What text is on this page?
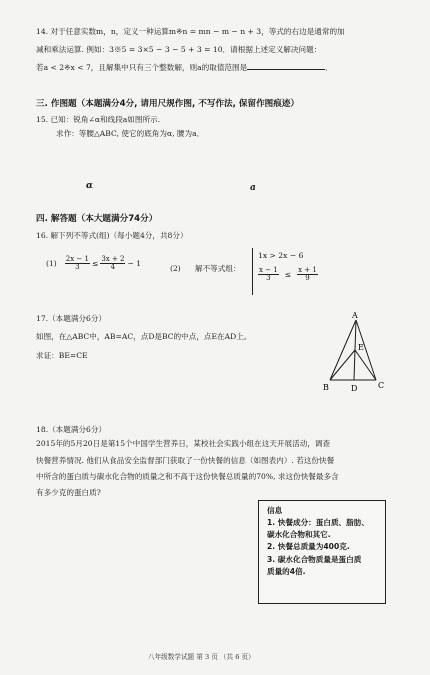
14. 对于任意实数m，n，定义一种运算m※n = mn − m − n + 3，等式的右边是通常的加
减和乘法运算. 例如：3※5 = 3×5 − 3 − 5 + 3 = 10．请根据上述定义解决问题：
若a < 2※x < 7，且解集中只有三个整数解，则a的取值范围是	．
三. 作图题（本题满分4分, 请用尺规作图, 不写作法, 保留作图痕迹）
15. 已知：锐角∠α和线段a如图所示.
求作：等腰△ABC, 使它的底角为α, 腰为a．
α	a
四. 解答题（本大题满分74分）
16. 解下列不等式(组)（每小题4分，共8分）
$(1) \frac{2x - 1}{3} \le \frac{3x + 2}{4} - 1$
(2) 解不等式组：
1x > 2x − 6
$\frac{x - 1}{3} \le \frac{x + 1}{9}$
17.（本题满分6分）
如图，在△ABC中，AB=AC，点D是BC的中点，点E在AD上。
求证：BE=CE
A
E
B	D	C
18.（本题满分6分）
2015年的5月20日是第15个中国学生营养日，某校社会实践小组在这天开展活动，调查
快餐营养情况. 他们从食品安全监督部门获取了一份快餐的信息（如图表内）. 若这份快餐
中所含的蛋白质与碳水化合物的质量之和不高于这份快餐总质量的70%, 求这份快餐最多含
有多少克的蛋白质?
信息
1. 快餐成分：蛋白质、脂肪、
碳水化合物和其它.
2. 快餐总质量为400克.
3. 碳水化合物质量是蛋白质
质量的4倍.
八年级数学试题 第 3 页 （共 6 页）
